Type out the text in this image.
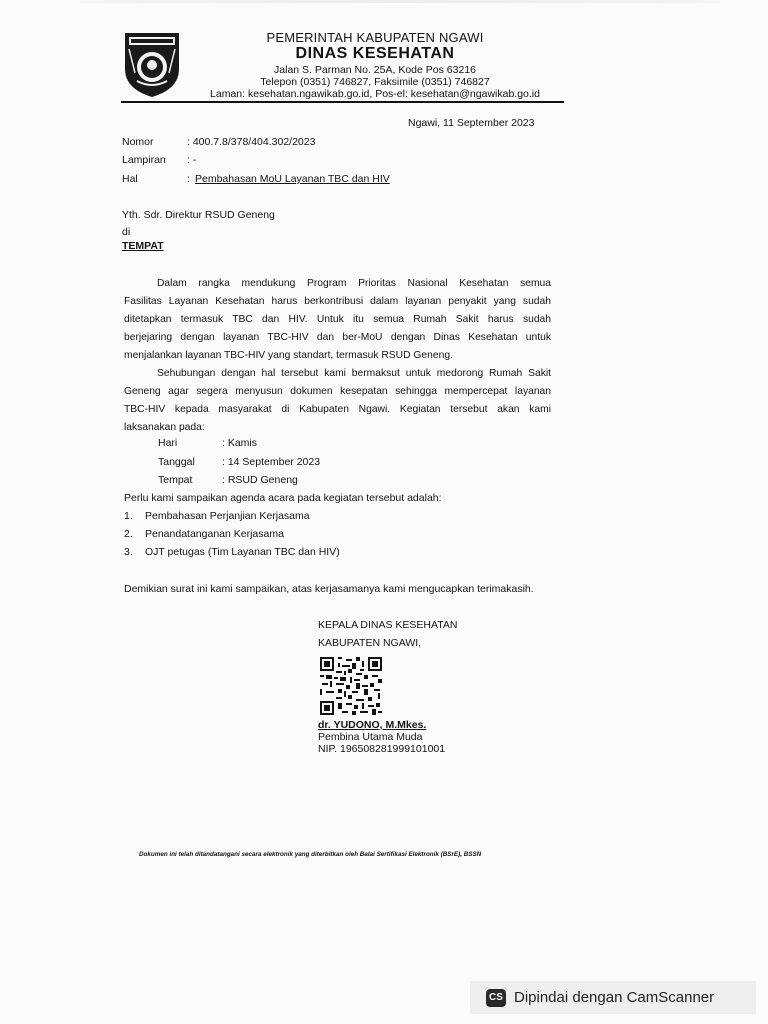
PEMERINTAH KABUPATEN NGAWI
DINAS KESEHATAN
Jalan S. Parman No. 25A, Kode Pos 63216
Telepon (0351) 746827, Faksimile (0351) 746827
Laman: kesehatan.ngawikab.go.id, Pos-el: kesehatan@ngawikab.go.id
Ngawi, 11 September 2023
Nomor	: 400.7.8/378/404.302/2023
Lampiran : -
Hal	: Pembahasan MoU Layanan TBC dan HIV
Yth. Sdr. Direktur RSUD Geneng
di
TEMPAT
Dalam rangka mendukung Program Prioritas Nasional Kesehatan semua
Fasilitas Layanan Kesehatan harus berkontribusi dalam layanan penyakit yang sudah
ditetapkan termasuk TBC dan HIV. Untuk itu semua Rumah Sakit harus sudah
berjejaring dengan layanan TBC-HIV dan ber-MoU dengan Dinas Kesehatan untuk
menjalankan layanan TBC-HIV yang standart, termasuk RSUD Geneng.
Sehubungan dengan hal tersebut kami bermaksut untuk medorong Rumah Sakit
Geneng agar segera menyusun dokumen kesepatan sehingga mempercepat layanan
TBC-HIV kepada masyarakat di Kabupaten Ngawi. Kegiatan tersebut akan kami
laksanakan pada:
Hari	: Kamis
Tanggal	: 14 September 2023
Tempat	: RSUD Geneng
Perlu kami sampaikan agenda acara pada kegiatan tersebut adalah:
1. Pembahasan Perjanjian Kerjasama
2. Penandatanganan Kerjasama
3. OJT petugas (Tim Layanan TBC dan HIV)
Demikian surat ini kami sampaikan, atas kerjasamanya kami mengucapkan terimakasih.
KEPALA DINAS KESEHATAN
KABUPATEN NGAWI,
dr. YUDONO, M.Mkes.
Pembina Utama Muda
NIP. 196508281999101001
Dokumen ini telah ditandatangani secara elektronik yang diterbitkan oleh Balai Sertifikasi Elektronik (BSrE), BSSN
CS Dipindai dengan CamScanner
